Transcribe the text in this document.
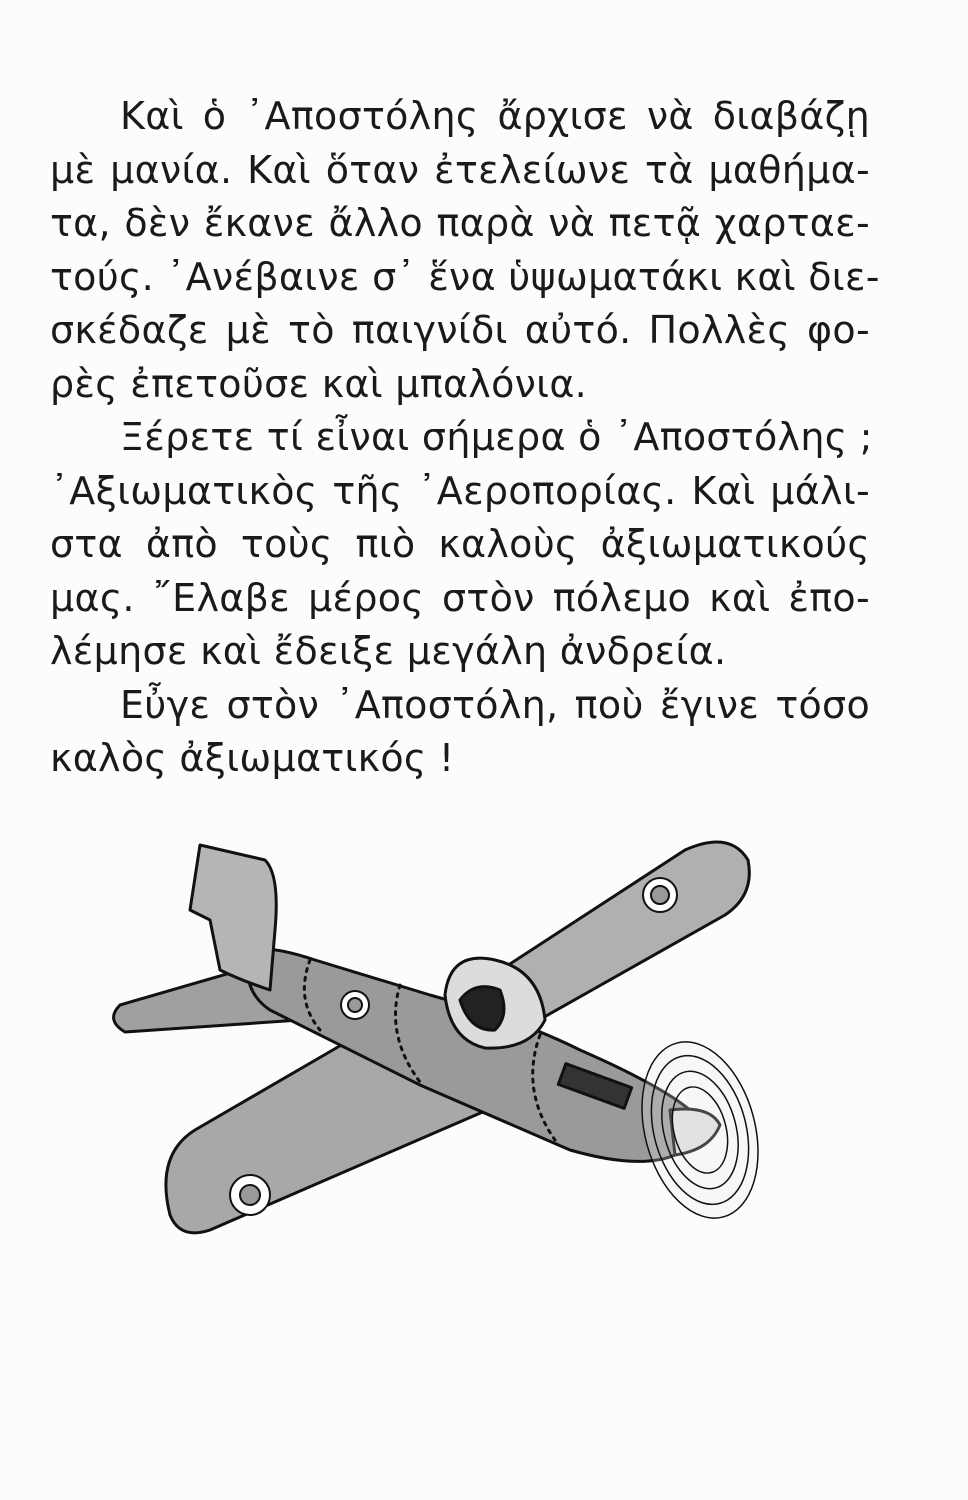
Καὶ ὁ ᾿Αποστόλης ἄρχισε νὰ διαβάζῃ
μὲ μανία. Καὶ ὅταν ἐτελείωνε τὰ μαθήμα-
τα, δὲν ἔκανε ἄλλο παρὰ νὰ πετᾷ χαρταε-
τούς. ᾿Ανέβαινε σ᾿ ἕνα ὑψωματάκι καὶ διε-
σκέδαζε μὲ τὸ παιγνίδι αὐτό. Πολλὲς φο-
ρὲς ἐπετοῦσε καὶ μπαλόνια.
Ξέρετε τί εἶναι σήμερα ὁ ᾿Αποστόλης ;
᾿Αξιωματικὸς τῆς ᾿Αεροπορίας. Καὶ μάλι-
στα ἀπὸ τοὺς πιὸ καλοὺς ἀξιωματικούς
μας. ῎Ελαβε μέρος στὸν πόλεμο καὶ ἐπο-
λέμησε καὶ ἔδειξε μεγάλη ἀνδρεία.
Εὖγε στὸν ᾿Αποστόλη, ποὺ ἔγινε τόσο
καλὸς ἀξιωματικός !
